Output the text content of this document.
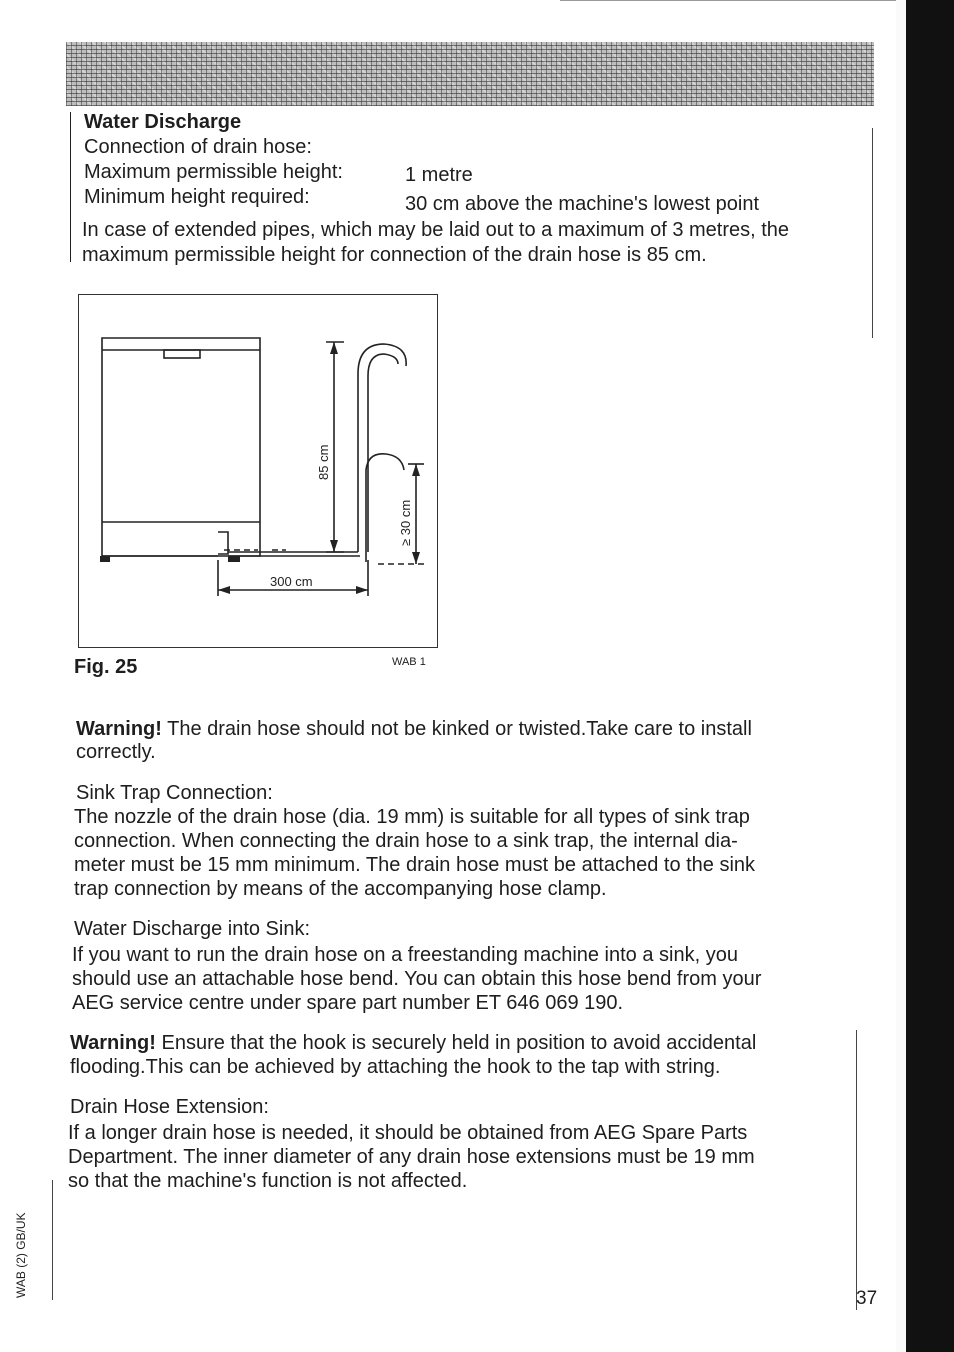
Water Discharge
Connection of drain hose:
Maximum permissible height:	1 metre
Minimum height required:	30 cm above the machine's lowest point
In case of extended pipes, which may be laid out to a maximum of 3 metres, the
maximum permissible height for connection of the drain hose is 85 cm.
85 cm
≥ 30 cm
300 cm
Fig. 25	WAB 1
Warning! The drain hose should not be kinked or twisted.Take care to install
correctly.
Sink Trap Connection:
The nozzle of the drain hose (dia. 19 mm) is suitable for all types of sink trap
connection. When connecting the drain hose to a sink trap, the internal dia-
meter must be 15 mm minimum. The drain hose must be attached to the sink
trap connection by means of the accompanying hose clamp.
Water Discharge into Sink:
If you want to run the drain hose on a freestanding machine into a sink, you
should use an attachable hose bend. You can obtain this hose bend from your
AEG service centre under spare part number ET 646 069 190.
Warning! Ensure that the hook is securely held in position to avoid accidental
flooding.This can be achieved by attaching the hook to the tap with string.
Drain Hose Extension:
If a longer drain hose is needed, it should be obtained from AEG Spare Parts
Department. The inner diameter of any drain hose extensions must be 19 mm
so that the machine's function is not affected.
WAB (2) GB/UK
37
